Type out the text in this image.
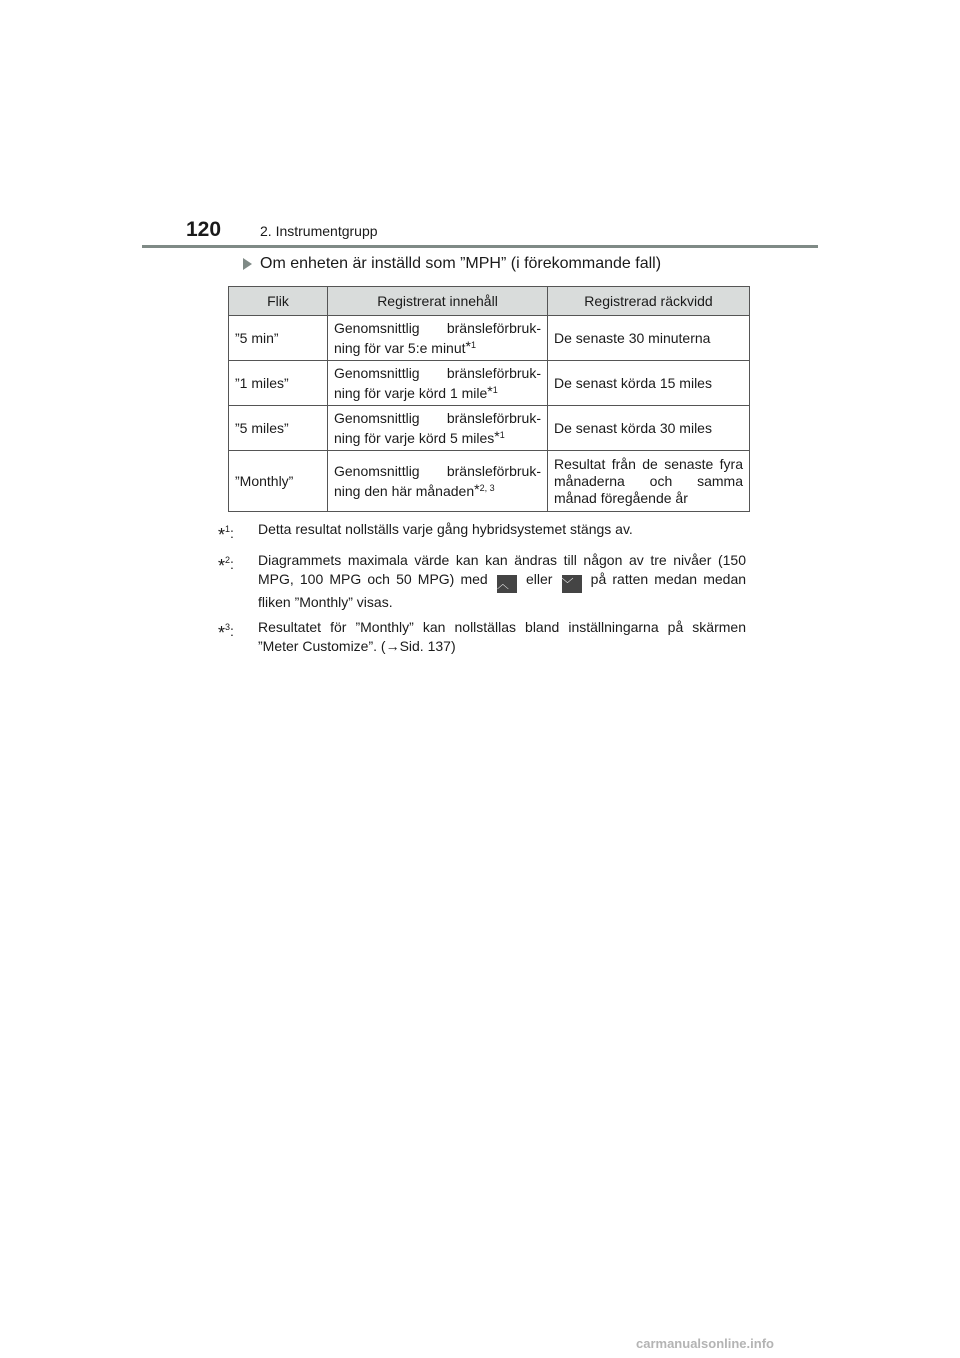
120	2. Instrumentgrupp
Om enheten är inställd som ”MPH” (i förekommande fall)
Flik	Registrerat innehåll	Registrerad räckvidd
”5 min”	Genomsnittlig bränsleförbruk-ning för var 5:e minut$^{*1}$	De senaste 30 minuterna
”1 miles”	Genomsnittlig bränsleförbruk-ning för varje körd 1 mile$^{*1}$	De senast körda 15 miles
”5 miles”	Genomsnittlig bränsleförbruk-ning för varje körd 5 miles$^{*1}$	De senast körda 30 miles
”Monthly”	Genomsnittlig bränsleförbruk-ning den här månaden$^{*2, 3}$	Resultat från de senaste fyra månaderna och samma månad föregående år
*$^1$:	Detta resultat nollställs varje gång hybridsystemet stängs av.
*$^2$:	Diagrammets maximala värde kan kan ändras till någon av tre nivåer (150 MPG, 100 MPG och 50 MPG) med ︿ eller ﹀ på ratten medan medan fliken ”Monthly” visas.
*$^3$:	Resultatet för ”Monthly” kan nollställas bland inställningarna på skärmen ”Meter Customize”. (→Sid. 137)
carmanualsonline.info
